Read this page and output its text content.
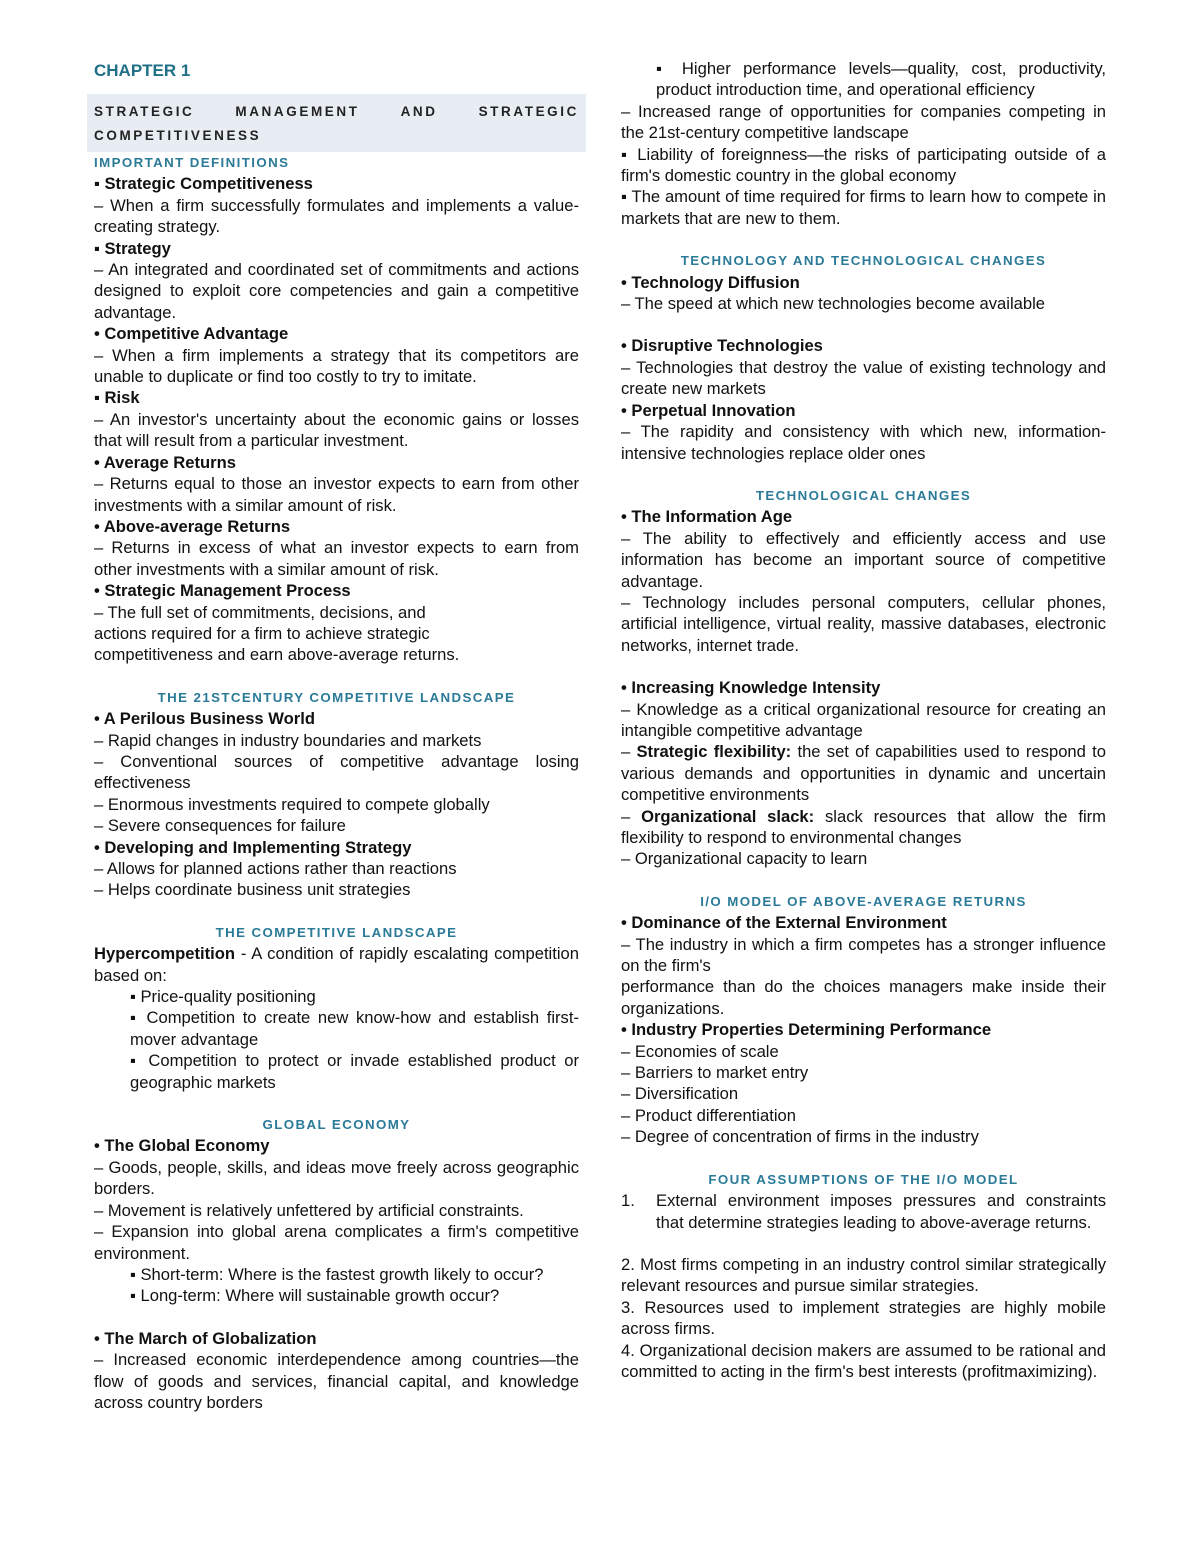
CHAPTER 1
STRATEGIC	MANAGEMENT	AND	STRATEGIC
COMPETITIVENESS
IMPORTANT DEFINITIONS
▪ Strategic Competitiveness
– When a firm successfully formulates and implements a value-creating strategy.
▪ Strategy
– An integrated and coordinated set of commitments and actions designed to exploit core competencies and gain a competitive advantage.
• Competitive Advantage
– When a firm implements a strategy that its competitors are unable to duplicate or find too costly to try to imitate.
▪ Risk
– An investor's uncertainty about the economic gains or losses that will result from a particular investment.
• Average Returns
– Returns equal to those an investor expects to earn from other investments with a similar amount of risk.
• Above-average Returns
– Returns in excess of what an investor expects to earn from other investments with a similar amount of risk.
• Strategic Management Process
– The full set of commitments, decisions, and
actions required for a firm to achieve strategic
competitiveness and earn above-average returns.
THE 21STCENTURY COMPETITIVE LANDSCAPE
• A Perilous Business World
– Rapid changes in industry boundaries and markets
– Conventional sources of competitive advantage losing effectiveness
– Enormous investments required to compete globally
– Severe consequences for failure
• Developing and Implementing Strategy
– Allows for planned actions rather than reactions
– Helps coordinate business unit strategies
THE COMPETITIVE LANDSCAPE
Hypercompetition - A condition of rapidly escalating competition based on:
▪ Price-quality positioning
▪ Competition to create new know-how and establish first-mover advantage
▪ Competition to protect or invade established product or geographic markets
GLOBAL ECONOMY
• The Global Economy
– Goods, people, skills, and ideas move freely across geographic borders.
– Movement is relatively unfettered by artificial constraints.
– Expansion into global arena complicates a firm's competitive environment.
▪ Short-term: Where is the fastest growth likely to occur?
▪ Long-term: Where will sustainable growth occur?
• The March of Globalization
– Increased economic interdependence among countries—the flow of goods and services, financial capital, and knowledge across country borders
▪ Higher performance levels—quality, cost, productivity, product introduction time, and operational efficiency
– Increased range of opportunities for companies competing in the 21st-century competitive landscape
▪ Liability of foreignness—the risks of participating outside of a firm's domestic country in the global economy
▪ The amount of time required for firms to learn how to compete in markets that are new to them.
TECHNOLOGY AND TECHNOLOGICAL CHANGES
• Technology Diffusion
– The speed at which new technologies become available
• Disruptive Technologies
– Technologies that destroy the value of existing technology and create new markets
• Perpetual Innovation
– The rapidity and consistency with which new, information-intensive technologies replace older ones
TECHNOLOGICAL CHANGES
• The Information Age
– The ability to effectively and efficiently access and use information has become an important source of competitive advantage.
– Technology includes personal computers, cellular phones, artificial intelligence, virtual reality, massive databases, electronic networks, internet trade.
• Increasing Knowledge Intensity
– Knowledge as a critical organizational resource for creating an intangible competitive advantage
– Strategic flexibility: the set of capabilities used to respond to various demands and opportunities in dynamic and uncertain competitive environments
– Organizational slack: slack resources that allow the firm flexibility to respond to environmental changes
– Organizational capacity to learn
I/O MODEL OF ABOVE-AVERAGE RETURNS
• Dominance of the External Environment
– The industry in which a firm competes has a stronger influence on the firm's
performance than do the choices managers make inside their organizations.
• Industry Properties Determining Performance
– Economies of scale
– Barriers to market entry
– Diversification
– Product differentiation
– Degree of concentration of firms in the industry
FOUR ASSUMPTIONS OF THE I/O MODEL
1.	External environment imposes pressures and constraints that determine strategies leading to above-average returns.
2. Most firms competing in an industry control similar strategically relevant resources and pursue similar strategies.
3. Resources used to implement strategies are highly mobile across firms.
4. Organizational decision makers are assumed to be rational and committed to acting in the firm's best interests (profitmaximizing).
